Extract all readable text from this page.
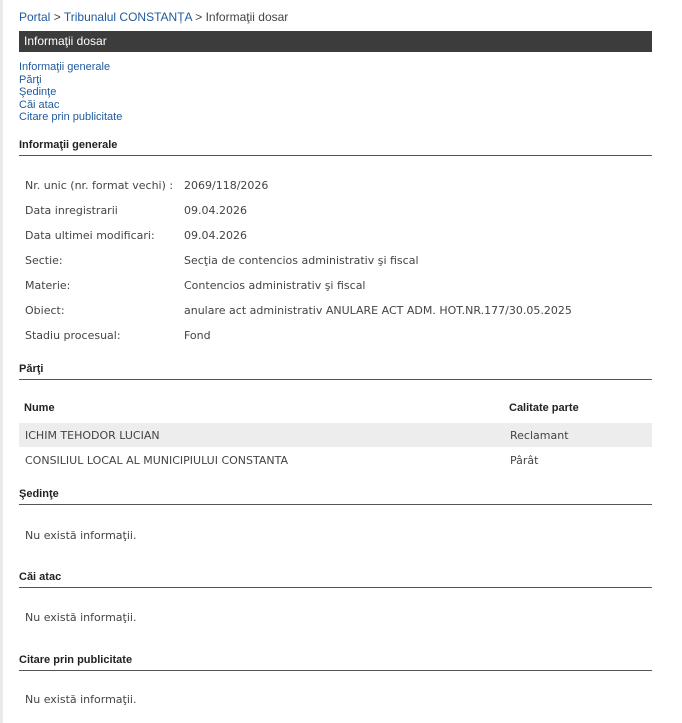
Portal > Tribunalul CONSTANȚA > Informaţii dosar
Informaţii dosar
Informaţii generale
Părţi
Şedinţe
Căi atac
Citare prin publicitate
Informaţii generale
Nr. unic (nr. format vechi) : 2069/118/2026
Data inregistrarii	09.04.2026
Data ultimei modificari:	09.04.2026
Sectie:	Secţia de contencios administrativ şi fiscal
Materie:	Contencios administrativ şi fiscal
Obiect:	anulare act administrativ ANULARE ACT ADM. HOT.NR.177/30.05.2025
Stadiu procesual:	Fond
Părţi
Nume	Calitate parte
ICHIM TEHODOR LUCIAN	Reclamant
CONSILIUL LOCAL AL MUNICIPIULUI CONSTANTA	Pârât
Şedinţe
Nu există informaţii.
Căi atac
Nu există informaţii.
Citare prin publicitate
Nu există informaţii.
